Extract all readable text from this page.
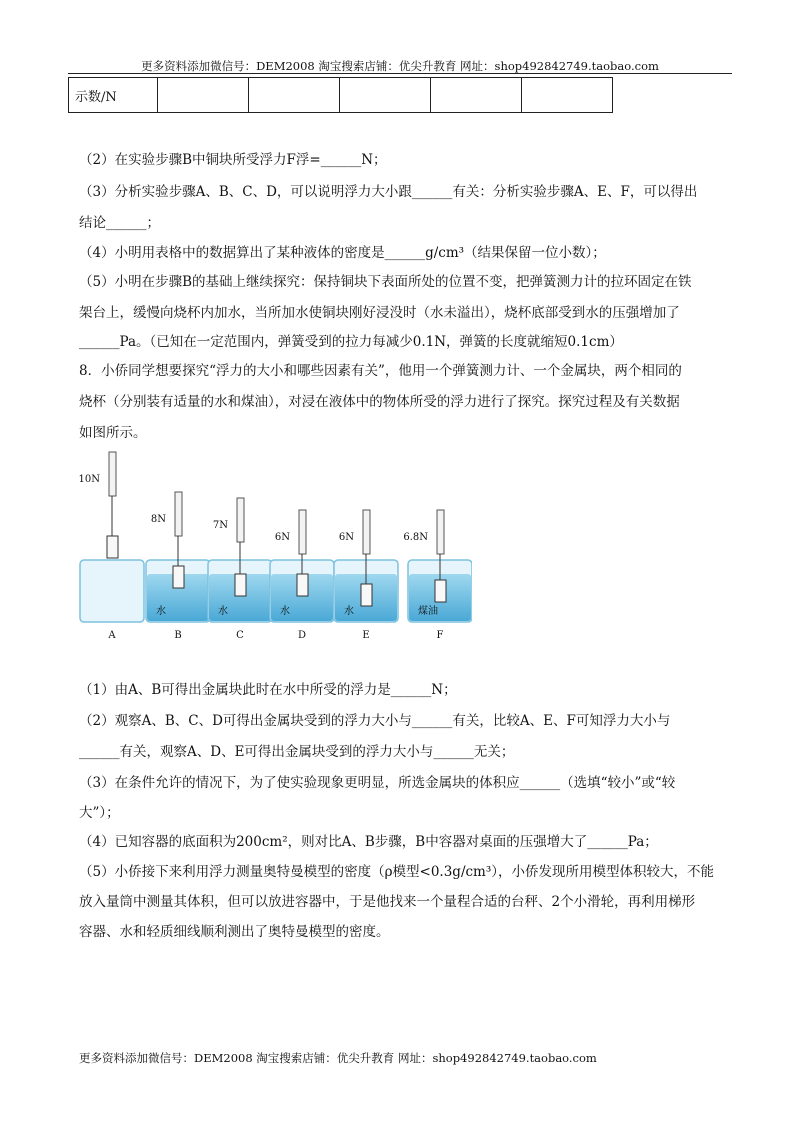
更多资料添加微信号：DEM2008 淘宝搜索店铺：优尖升教育 网址：shop492842749.taobao.com
示数/N					
（2）在实验步骤B中铜块所受浮力F浮=______N；
（3）分析实验步骤A、B、C、D，可以说明浮力大小跟______有关：分析实验步骤A、E、F，可以得出
结论______；
（4）小明用表格中的数据算出了某种液体的密度是______g/cm³（结果保留一位小数）；
（5）小明在步骤B的基础上继续探究：保持铜块下表面所处的位置不变，把弹簧测力计的拉环固定在铁
架台上，缓慢向烧杯内加水，当所加水使铜块刚好浸没时（水未溢出），烧杯底部受到水的压强增加了
______Pa。（已知在一定范围内，弹簧受到的拉力每减少0.1N，弹簧的长度就缩短0.1cm）
8．小侨同学想要探究“浮力的大小和哪些因素有关”，他用一个弹簧测力计、一个金属块，两个相同的
烧杯（分别装有适量的水和煤油），对浸在液体中的物体所受的浮力进行了探究。探究过程及有关数据
如图所示。
10N
A
8N
水
B
7N
水
C
6N
水
D
6N
水
E
6.8N
煤油
F
（1）由A、B可得出金属块此时在水中所受的浮力是______N；
（2）观察A、B、C、D可得出金属块受到的浮力大小与______有关，比较A、E、F可知浮力大小与
______有关，观察A、D、E可得出金属块受到的浮力大小与______无关；
（3）在条件允许的情况下，为了使实验现象更明显，所选金属块的体积应______（选填“较小”或“较
大”）；
（4）已知容器的底面积为200cm²，则对比A、B步骤，B中容器对桌面的压强增大了______Pa；
（5）小侨接下来利用浮力测量奥特曼模型的密度（ρ模型<0.3g/cm³），小侨发现所用模型体积较大，不能
放入量筒中测量其体积，但可以放进容器中，于是他找来一个量程合适的台秤、2个小滑轮，再利用梯形
容器、水和轻质细线顺利测出了奥特曼模型的密度。
更多资料添加微信号：DEM2008 淘宝搜索店铺：优尖升教育 网址：shop492842749.taobao.com
